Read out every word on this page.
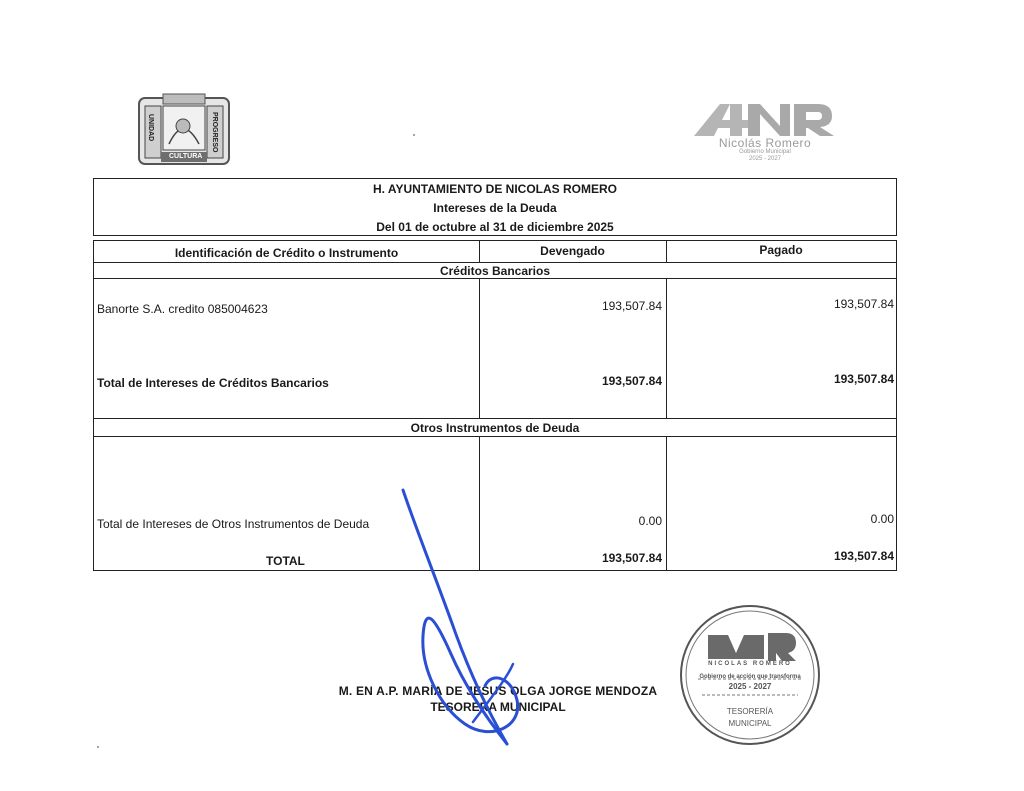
UNIDAD
CULTURA
PROGRESO	Nicolás Romero
Gobierno Municipal
2025 - 2027
H. AYUNTAMIENTO DE NICOLAS ROMERO
Intereses de la Deuda
Del 01 de octubre al 31 de diciembre 2025
Identificación de Crédito o Instrumento	Devengado	Pagado
Créditos Bancarios
Banorte S.A. credito 085004623	193,507.84	193,507.84
Total de Intereses de Créditos Bancarios	193,507.84	193,507.84
Otros Instrumentos de Deuda
Total de Intereses de Otros Instrumentos de Deuda	0.00	0.00
TOTAL	193,507.84	193,507.84
M. EN A.P. MARÍA DE JESUS OLGA JORGE MENDOZA
TESORERA MUNICIPAL
NICOLAS ROMERO
Gobierno de acción que transforma
2025 - 2027
TESORERÍA
MUNICIPAL
